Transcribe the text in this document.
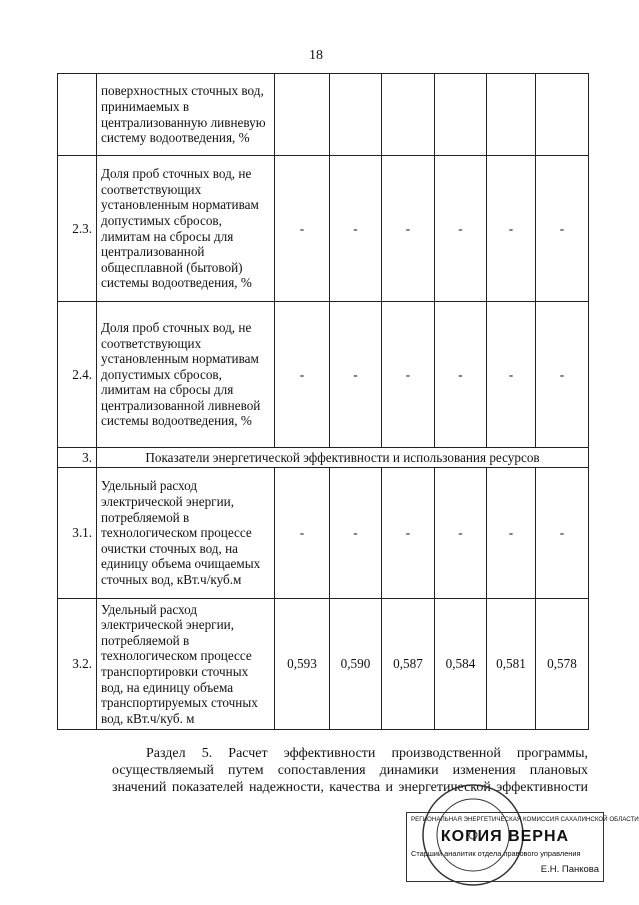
18
	поверхностных сточных вод, принимаемых в централизованную ливневую систему водоотведения, %						
2.3.	Доля проб сточных вод, не соответствующих установленным нормативам допустимых сбросов, лимитам на сбросы для централизованной общесплавной (бытовой) системы водоотведения, %	-	-	-	-	-	-
2.4.	Доля проб сточных вод, не соответствующих установленным нормативам допустимых сбросов, лимитам на сбросы для централизованной ливневой системы водоотведения, %	-	-	-	-	-	-
3.	Показатели энергетической эффективности и использования ресурсов						
3.1.	Удельный расход электрической энергии, потребляемой в технологическом процессе очистки сточных вод, на единицу объема очищаемых сточных вод, кВт.ч/куб.м	-	-	-	-	-	-
3.2.	Удельный расход электрической энергии, потребляемой в технологическом процессе транспортировки сточных вод, на единицу объема транспортируемых сточных вод, кВт.ч/куб. м	0,593	0,590	0,587	0,584	0,581	0,578

Раздел 5. Расчет эффективности производственной программы,

осуществляемый путем сопоставления динамики изменения плановых

значений показателей надежности, качества и энергетической эффективности

РЕГИОНАЛЬНАЯ ЭНЕРГЕТИЧЕСКАЯ КОМИССИЯ САХАЛИНСКОЙ ОБЛАСТИ
КОПИЯ ВЕРНА
Старший аналитик отдела правового управления
Е.Н. Панкова
